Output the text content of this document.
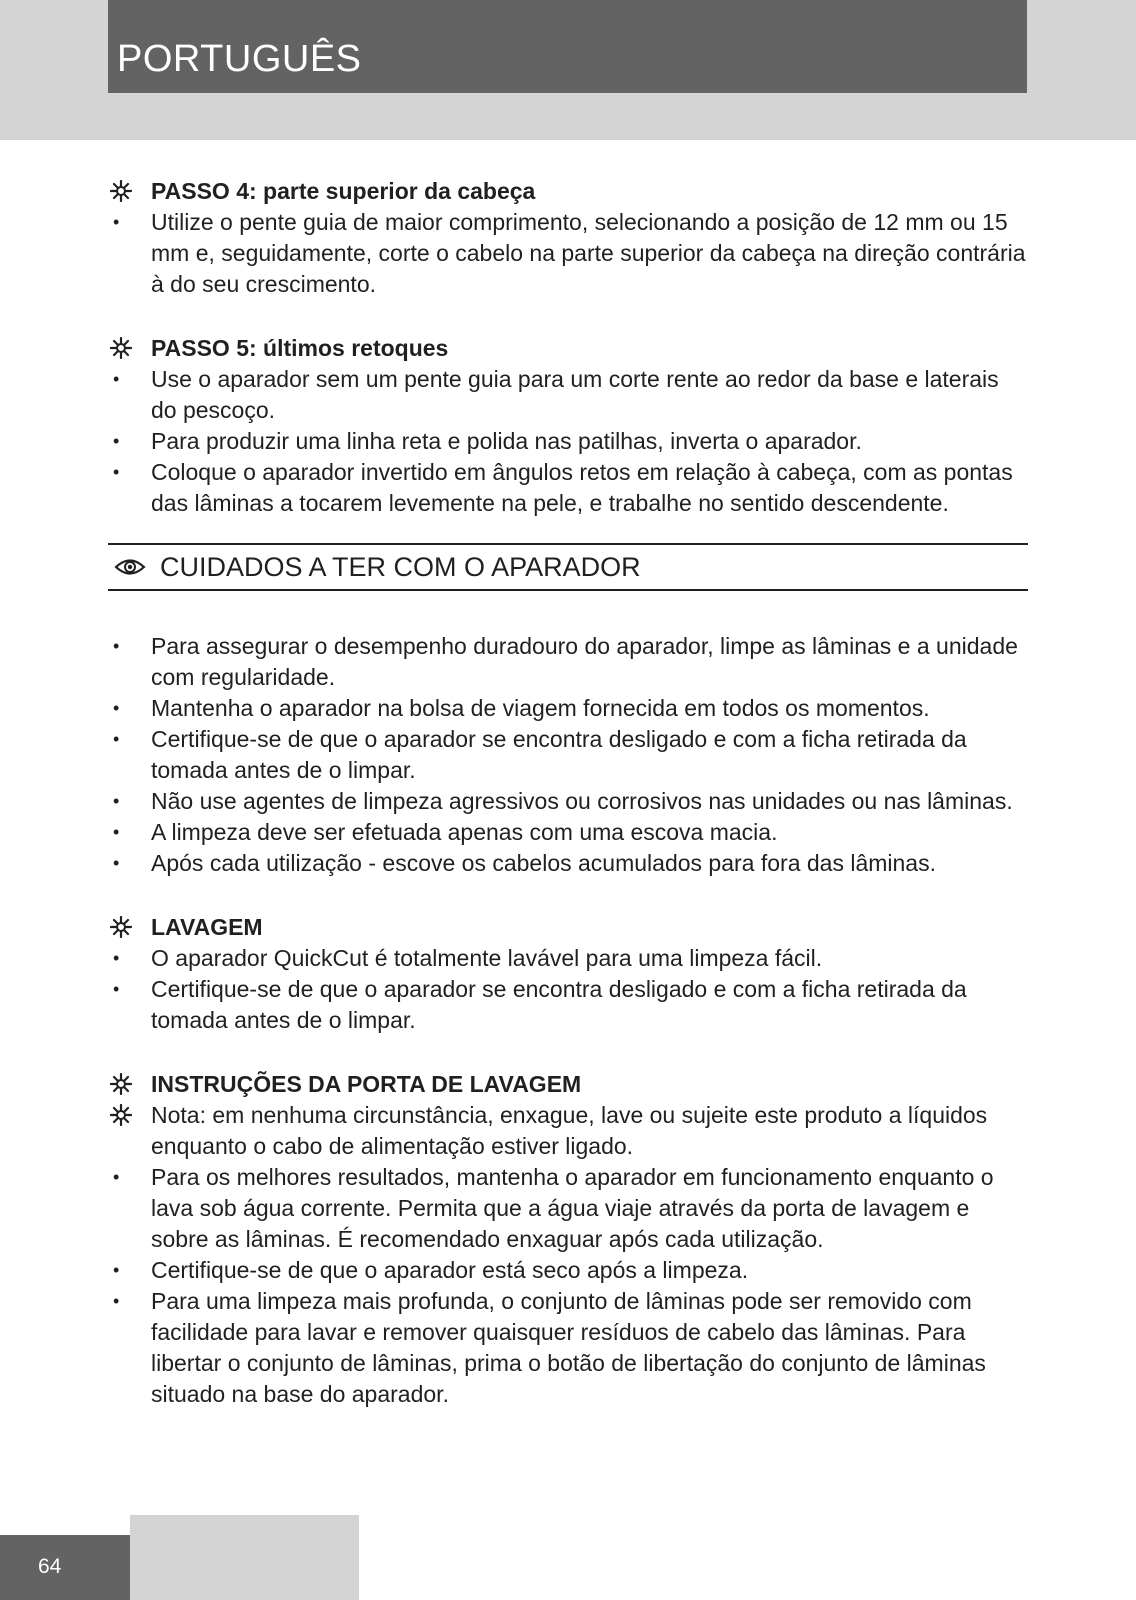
PORTUGUÊS
PASSO 4: parte superior da cabeça
• Utilize o pente guia de maior comprimento, selecionando a posição de 12 mm ou 15 mm e, seguidamente, corte o cabelo na parte superior da cabeça na direção contrária à do seu crescimento.
PASSO 5: últimos retoques
• Use o aparador sem um pente guia para um corte rente ao redor da base e laterais do pescoço.
• Para produzir uma linha reta e polida nas patilhas, inverta o aparador.
• Coloque o aparador invertido em ângulos retos em relação à cabeça, com as pontas das lâminas a tocarem levemente na pele, e trabalhe no sentido descendente.
CUIDADOS A TER COM O APARADOR
• Para assegurar o desempenho duradouro do aparador, limpe as lâminas e a unidade com regularidade.
• Mantenha o aparador na bolsa de viagem fornecida em todos os momentos.
• Certifique-se de que o aparador se encontra desligado e com a ficha retirada da tomada antes de o limpar.
• Não use agentes de limpeza agressivos ou corrosivos nas unidades ou nas lâminas.
• A limpeza deve ser efetuada apenas com uma escova macia.
• Após cada utilização - escove os cabelos acumulados para fora das lâminas.
LAVAGEM
• O aparador QuickCut é totalmente lavável para uma limpeza fácil.
• Certifique-se de que o aparador se encontra desligado e com a ficha retirada da tomada antes de o limpar.
INSTRUÇÕES DA PORTA DE LAVAGEM
Nota: em nenhuma circunstância, enxague, lave ou sujeite este produto a líquidos enquanto o cabo de alimentação estiver ligado.
• Para os melhores resultados, mantenha o aparador em funcionamento enquanto o lava sob água corrente. Permita que a água viaje através da porta de lavagem e sobre as lâminas. É recomendado enxaguar após cada utilização.
• Certifique-se de que o aparador está seco após a limpeza.
• Para uma limpeza mais profunda, o conjunto de lâminas pode ser removido com facilidade para lavar e remover quaisquer resíduos de cabelo das lâminas. Para libertar o conjunto de lâminas, prima o botão de libertação do conjunto de lâminas situado na base do aparador.
64
